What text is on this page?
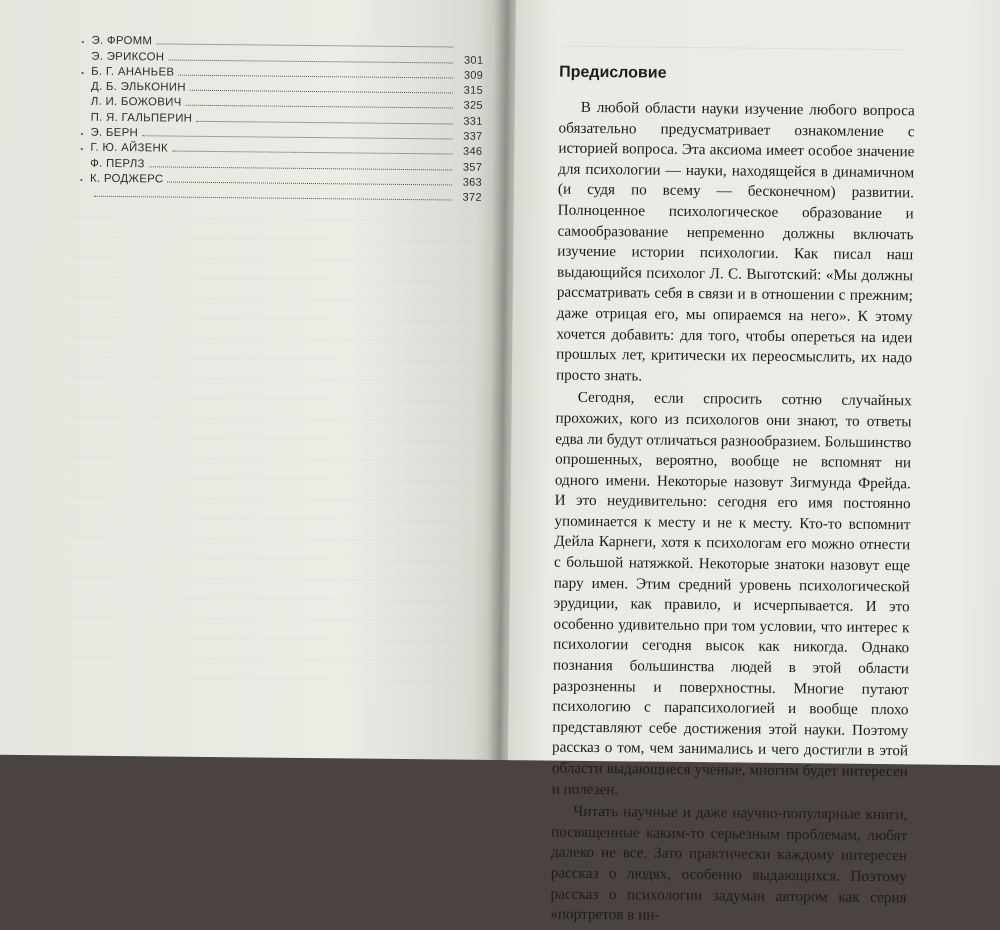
• Э. ФРОММ
Э. ЭРИКСОН	301
• Б. Г. АНАНЬЕВ	309
Д. Б. ЭЛЬКОНИН	315
Л. И. БОЖОВИЧ	325
П. Я. ГАЛЬПЕРИН	331
• Э. БЕРН	337
• Г. Ю. АЙЗЕНК	346
Ф. ПЕРЛЗ	357
• К. РОДЖЕРС	363
372
Предисловие

В любой области науки изучение любого вопроса обязательно предусматривает ознакомление с историей вопроса. Эта аксиома имеет особое значение для психологии — науки, находящейся в динамичном (и судя по всему — бесконечном) развитии. Полноценное психологическое образование и самообразование непременно должны включать изучение истории психологии. Как писал наш выдающийся психолог Л. С. Выготский: «Мы должны рассматривать себя в связи и в отношении с прежним; даже отрицая его, мы опираемся на него». К этому хочется добавить: для того, чтобы опереться на идеи прошлых лет, критически их переосмыслить, их надо просто знать.

Сегодня, если спросить сотню случайных прохожих, кого из психологов они знают, то ответы едва ли будут отличаться разнообразием. Большинство опрошенных, вероятно, вообще не вспомнят ни одного имени. Некоторые назовут Зигмунда Фрейда. И это неудивительно: сегодня его имя постоянно упоминается к месту и не к месту. Кто-то вспомнит Дейла Карнеги, хотя к психологам его можно отнести с большой натяжкой. Некоторые знатоки назовут еще пару имен. Этим средний уровень психологической эрудиции, как правило, и исчерпывается. И это особенно удивительно при том условии, что интерес к психологии сегодня высок как никогда. Однако познания большинства людей в этой области разрозненны и поверхностны. Многие путают психологию с парапсихологией и вообще плохо представляют себе достижения этой науки. Поэтому рассказ о том, чем занимались и чего достигли в этой области выдающиеся ученые, многим будет интересен и полезен.

Читать научные и даже научно-популярные книги, посвященные каким-то серьезным проблемам, любят далеко не все. Зато практически каждому интересен рассказ о людях, особенно выдающихся. Поэтому рассказ о психологии задуман автором как серия «портретов в ин-
